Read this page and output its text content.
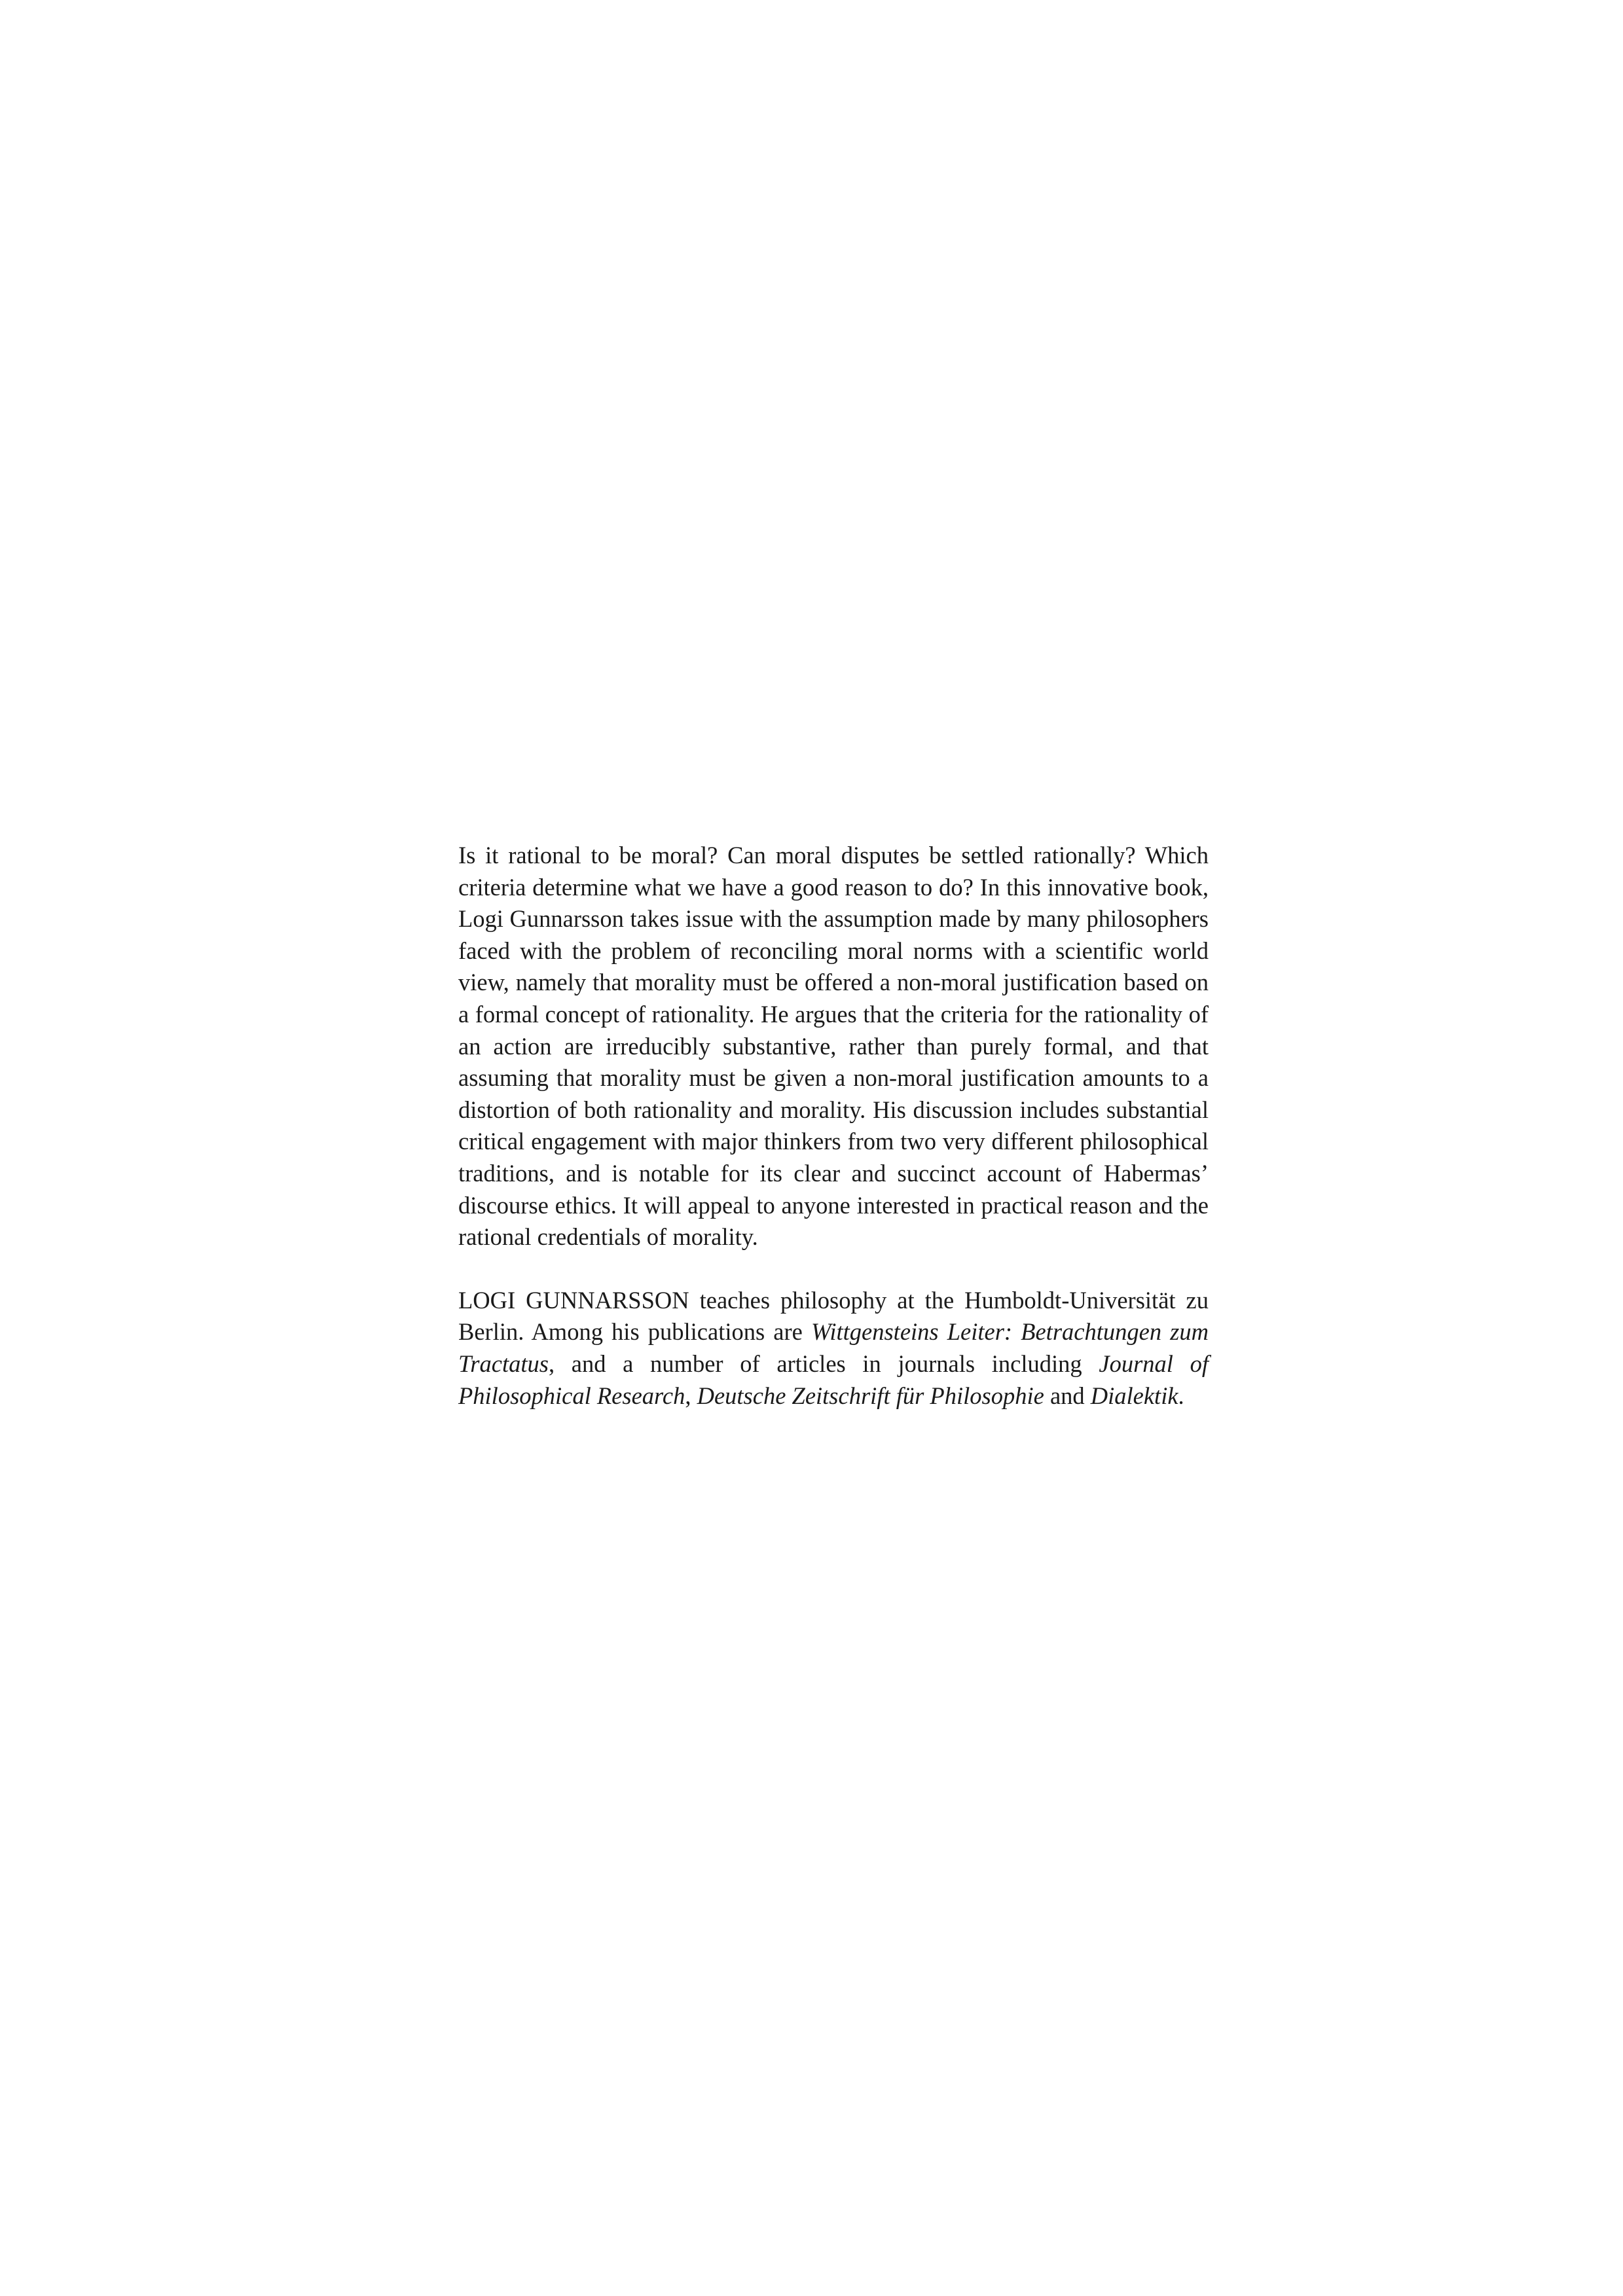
Is it rational to be moral? Can moral disputes be settled rationally? Which criteria determine what we have a good reason to do? In this innovative book, Logi Gunnarsson takes issue with the assumption made by many philosophers faced with the problem of reconciling moral norms with a scientific world view, namely that morality must be offered a non-moral justification based on a formal concept of rationality. He argues that the criteria for the rationality of an action are irreducibly substantive, rather than purely formal, and that assuming that morality must be given a non-moral justification amounts to a distortion of both rationality and morality. His discussion includes substantial critical engagement with major thinkers from two very different philosophical traditions, and is notable for its clear and succinct account of Habermas’ discourse ethics. It will appeal to anyone interested in practical reason and the rational credentials of morality.

LOGI GUNNARSSON teaches philosophy at the Humboldt-Universität zu Berlin. Among his publications are Wittgensteins Leiter: Betrachtungen zum Tractatus, and a number of articles in journals including Journal of Philosophical Research, Deutsche Zeitschrift für Philosophie and Dialektik.
